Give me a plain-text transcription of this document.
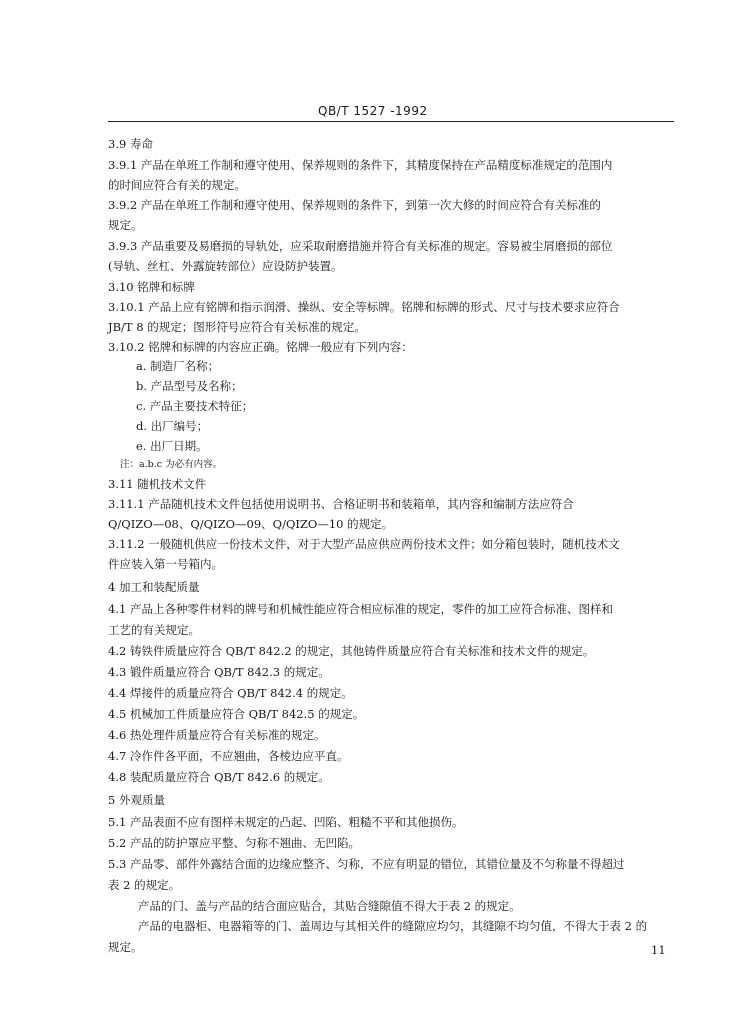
QB/T 1527 -1992
3.9 寿命
3.9.1 产品在单班工作制和遵守使用、保养规则的条件下，其精度保持在产品精度标准规定的范围内
的时间应符合有关的规定。
3.9.2 产品在单班工作制和遵守使用、保养规则的条件下，到第一次大修的时间应符合有关标准的
规定。
3.9.3 产品重要及易磨损的导轨处，应采取耐磨措施并符合有关标准的规定。容易被尘屑磨损的部位
(导轨、丝杠、外露旋转部位）应设防护装置。
3.10 铭牌和标牌
3.10.1 产品上应有铭牌和指示润滑、操纵、安全等标牌。铭牌和标牌的形式、尺寸与技术要求应符合
JB/T 8 的规定；图形符号应符合有关标准的规定。
3.10.2 铭牌和标牌的内容应正确。铭牌一般应有下列内容：
a. 制造厂名称；
b. 产品型号及名称；
c. 产品主要技术特征；
d. 出厂编号；
e. 出厂日期。
注：a.b.c 为必有内容。
3.11 随机技术文件
3.11.1 产品随机技术文件包括使用说明书、合格证明书和装箱单，其内容和编制方法应符合
Q/QIZO—08、Q/QIZO—09、Q/QIZO—10 的规定。
3.11.2 一般随机供应一份技术文件，对于大型产品应供应两份技术文件；如分箱包装时，随机技术文
件应装入第一号箱内。
4 加工和装配质量
4.1 产品上各种零件材料的牌号和机械性能应符合相应标准的规定，零件的加工应符合标准、图样和
工艺的有关规定。
4.2 铸铁件质量应符合 QB/T 842.2 的规定，其他铸件质量应符合有关标准和技术文件的规定。
4.3 锻件质量应符合 QB/T 842.3 的规定。
4.4 焊接件的质量应符合 QB/T 842.4 的规定。
4.5 机械加工件质量应符合 QB/T 842.5 的规定。
4.6 热处理件质量应符合有关标准的规定。
4.7 冷作件各平面，不应翘曲，各棱边应平直。
4.8 装配质量应符合 QB/T 842.6 的规定。
5 外观质量
5.1 产品表面不应有图样未规定的凸起、凹陷、粗糙不平和其他损伤。
5.2 产品的防护罩应平整、匀称不翘曲、无凹陷。
5.3 产品零、部件外露结合面的边缘应整齐、匀称，不应有明显的错位，其错位量及不匀称量不得超过
表 2 的规定。
产品的门、盖与产品的结合面应贴合，其贴合缝隙值不得大于表 2 的规定。
产品的电器柜、电器箱等的门、盖周边与其相关件的缝隙应均匀，其缝隙不均匀值，不得大于表 2 的
规定。	11
